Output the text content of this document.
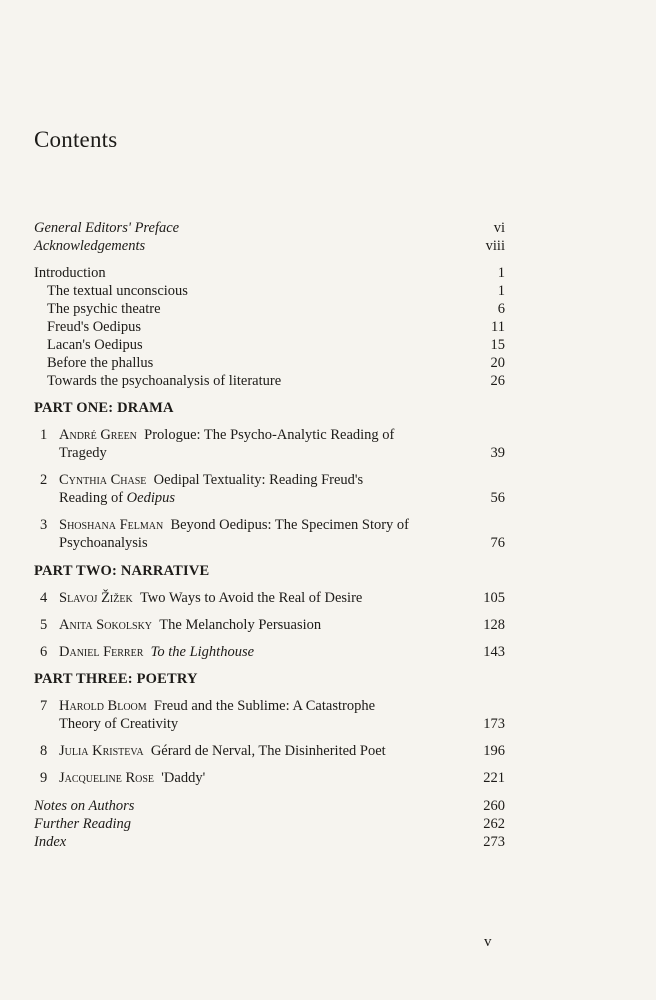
Contents
General Editors' Preface	vi
Acknowledgements	viii
Introduction	1
The textual unconscious	1
The psychic theatre	6
Freud's Oedipus	11
Lacan's Oedipus	15
Before the phallus	20
Towards the psychoanalysis of literature	26
PART ONE: DRAMA
1 André Green Prologue: The Psycho-Analytic Reading of
Tragedy	39
2 Cynthia Chase Oedipal Textuality: Reading Freud's
Reading of Oedipus	56
3 Shoshana Felman Beyond Oedipus: The Specimen Story of
Psychoanalysis	76
PART TWO: NARRATIVE
4 Slavoj Žižek Two Ways to Avoid the Real of Desire	105
5 Anita Sokolsky The Melancholy Persuasion	128
6 Daniel Ferrer To the Lighthouse	143
PART THREE: POETRY
7 Harold Bloom Freud and the Sublime: A Catastrophe
Theory of Creativity	173
8 Julia Kristeva Gérard de Nerval, The Disinherited Poet	196
9 Jacqueline Rose 'Daddy'	221
Notes on Authors	260
Further Reading	262
Index	273
v
